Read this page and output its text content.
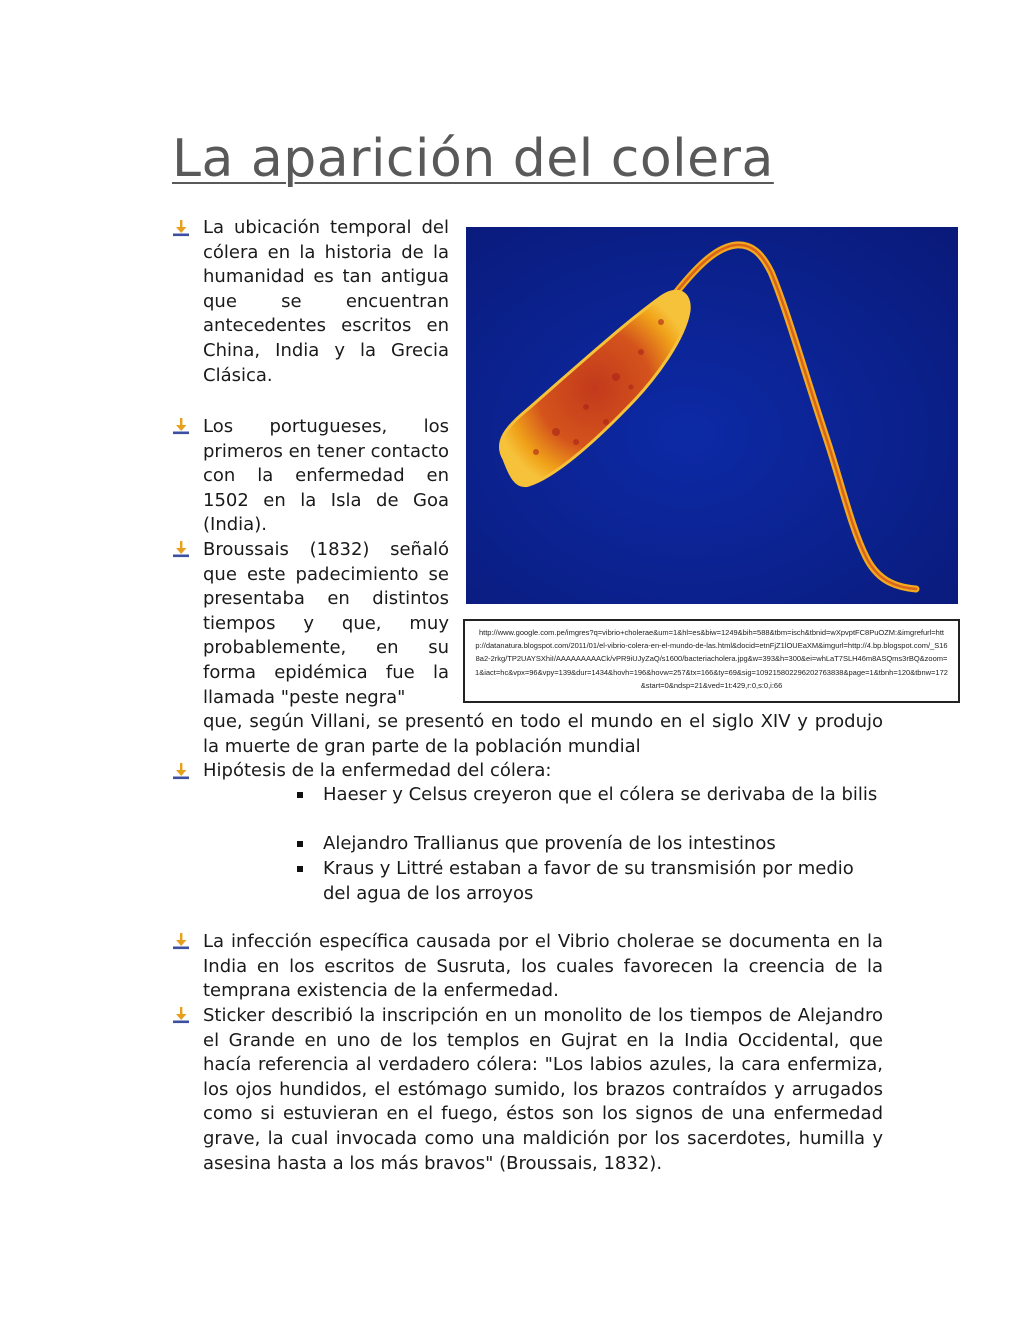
La aparición del colera

La ubicación temporal del cólera en la historia de la humanidad es tan antigua que se encuentran antecedentes escritos en China, India y la Grecia Clásica.

Los portugueses, los primeros en tener contacto con la enfermedad en 1502 en la Isla de Goa (India).

Broussais (1832) señaló que este padecimiento se presentaba en distintos tiempos y que, muy probablemente, en su forma epidémica fue la llamada "peste negra"

que, según Villani, se presentó en todo el mundo en el siglo XIV y produjo la muerte de gran parte de la población mundial

Hipótesis de la enfermedad del cólera:

http://www.google.com.pe/imgres?q=vibrio+cholerae&um=1&hl=es&biw=1249&bih=588&tbm=isch&tbnid=wXpvptFC8PuOZM:&imgrefurl=http://datanatura.blogspot.com/2011/01/el-vibrio-colera-en-el-mundo-de-las.html&docid=etnFjZ1lOUEaXM&imgurl=http://4.bp.blogspot.com/_S168a2-2rkg/TP2UAYSXhiI/AAAAAAAAACk/vPR9iUJyZaQ/s1600/bacteriacholera.jpg&w=393&h=300&ei=whLaT7SLH46m8ASQms3rBQ&zoom=1&iact=hc&vpx=96&vpy=139&dur=1434&hovh=196&hovw=257&tx=166&ty=69&sig=109215802296202763838&page=1&tbnh=120&tbnw=172&start=0&ndsp=21&ved=1t:429,r:0,s:0,i:66

Haeser y Celsus creyeron que el cólera se derivaba de la bilis

Alejandro Trallianus que provenía de los intestinos

Kraus y Littré estaban a favor de su transmisión por medio del agua de los arroyos

La infección específica causada por el Vibrio cholerae se documenta en la India en los escritos de Susruta, los cuales favorecen la creencia de la temprana existencia de la enfermedad.

Sticker describió la inscripción en un monolito de los tiempos de Alejandro el Grande en uno de los templos en Gujrat en la India Occidental, que hacía referencia al verdadero cólera: "Los labios azules, la cara enfermiza, los ojos hundidos, el estómago sumido, los brazos contraídos y arrugados como si estuvieran en el fuego, éstos son los signos de una enfermedad grave, la cual invocada como una maldición por los sacerdotes, humilla y asesina hasta a los más bravos" (Broussais, 1832).
